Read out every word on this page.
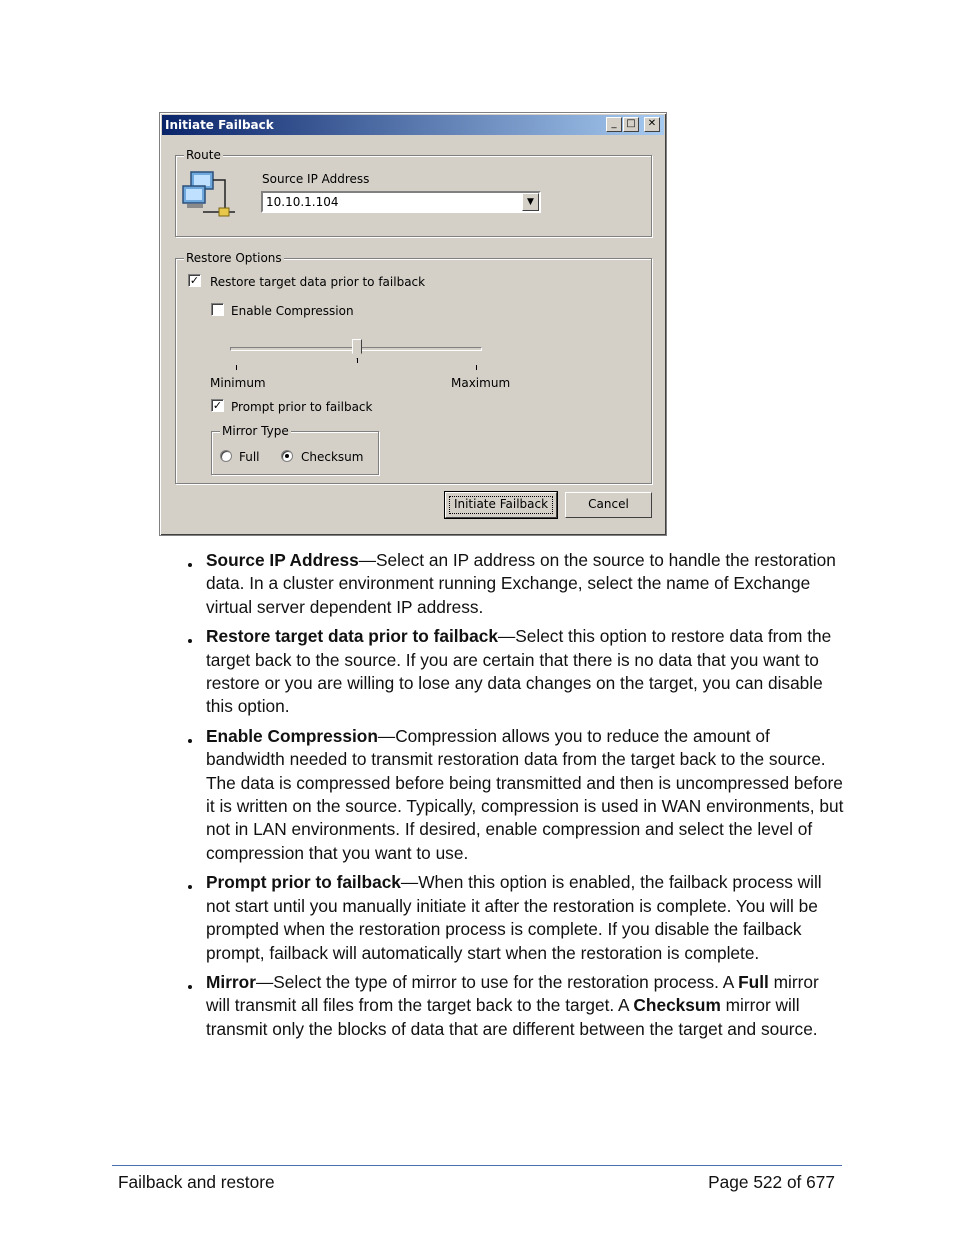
Initiate Failback	_ □	✕
Route
Source IP Address
10.10.1.104	▼
Restore Options
✓ Restore target data prior to failback
Enable Compression
Minimum	Maximum
✓ Prompt prior to failback
Mirror Type
Full	Checksum
Initiate Failback	Cancel
Source IP Address—Select an IP address on the source to handle the restoration data. In a cluster environment running Exchange, select the name of Exchange virtual server dependent IP address.
Restore target data prior to failback—Select this option to restore data from the target back to the source. If you are certain that there is no data that you want to restore or you are willing to lose any data changes on the target, you can disable this option.
Enable Compression—Compression allows you to reduce the amount of bandwidth needed to transmit restoration data from the target back to the source. The data is compressed before being transmitted and then is uncompressed before it is written on the source. Typically, compression is used in WAN environments, but not in LAN environments. If desired, enable compression and select the level of compression that you want to use.
Prompt prior to failback—When this option is enabled, the failback process will not start until you manually initiate it after the restoration is complete. You will be prompted when the restoration process is complete. If you disable the failback prompt, failback will automatically start when the restoration is complete.
Mirror—Select the type of mirror to use for the restoration process. A Full mirror will transmit all files from the target back to the target. A Checksum mirror will transmit only the blocks of data that are different between the target and source.
Failback and restore	Page 522 of 677
